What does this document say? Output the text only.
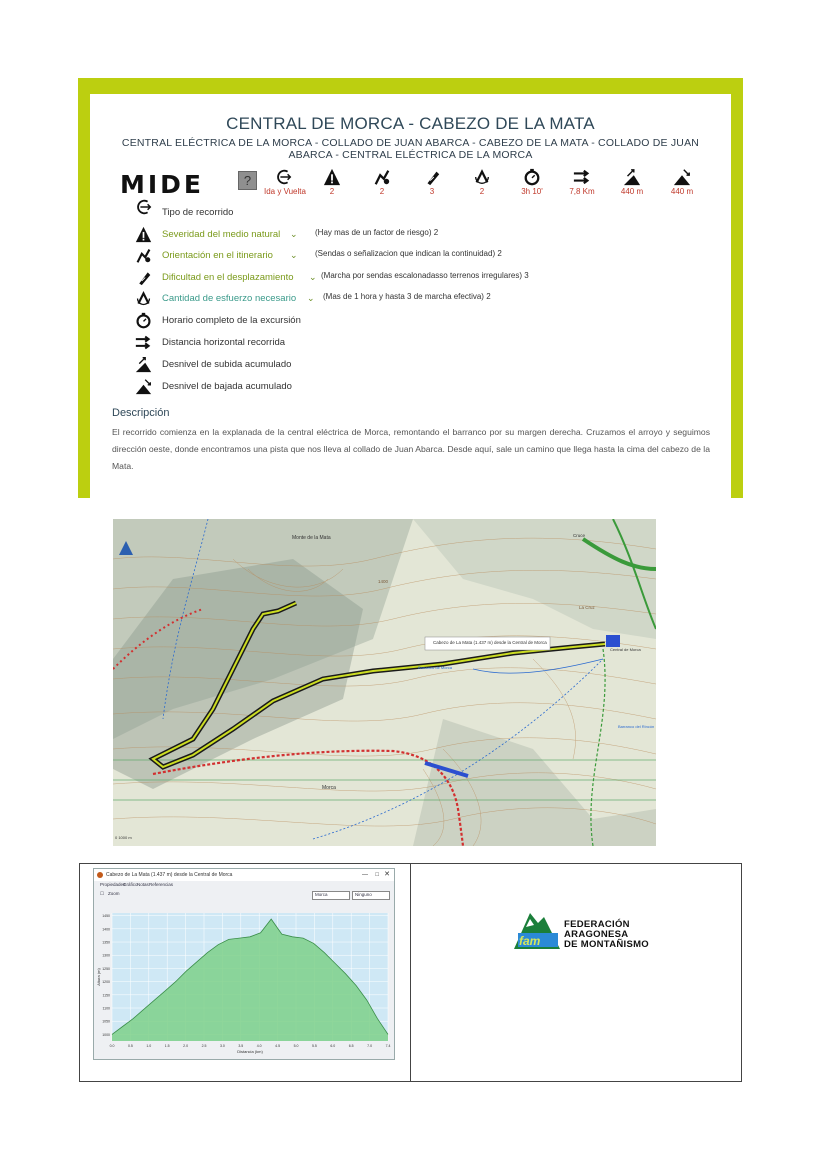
CENTRAL DE MORCA - CABEZO DE LA MATA
CENTRAL ELÉCTRICA DE LA MORCA - COLLADO DE JUAN ABARCA - CABEZO DE LA MATA - COLLADO DE JUAN ABARCA - CENTRAL ELÉCTRICA DE LA MORCA
MIDE	?
Ida y Vuelta	2	2	3	2	3h 10'	7,8 Km	440 m	440 m
Tipo de recorrido
Severidad del medio natural ⌄ (Hay mas de un factor de riesgo) 2
Orientación en el itinerario ⌄ (Sendas o señalizacion que indican la continuidad) 2
Dificultad en el desplazamiento ⌄ (Marcha por sendas escalonadasso terrenos irregulares) 3
Cantidad de esfuerzo necesario ⌄ (Mas de 1 hora y hasta 3 de marcha efectiva) 2
Horario completo de la excursión
Distancia horizontal recorrida
Desnivel de subida acumulado
Desnivel de bajada acumulado
Descripción
El recorrido comienza en la explanada de la central eléctrica de Morca, remontando el barranco por su margen derecha. Cruzamos el arroyo y seguimos dirección oeste, donde encontramos una pista que nos lleva al collado de Juan Abarca. Desde aquí, sale un camino que llega hasta la cima del cabezo de la Mata.
Monte de la Mata
Cabezo de La Mata (1.437 m) desde la Central de Morca
Morca
1400
Cruce
Barranco de Morca
Central de Morca
Barranco del Rincón
La Cruz
0 1000 m
Cabezo de La Mata (1.437 m) desde la Central de Morca	— □ ✕
Propiedades
Gráfico Notas Referencias
☐ Zoom	Morca	Ninguno
1000
1050
1100
1150
1200
1250
1300
1350
1400
1450
0.0	0.5	1.0	1.5	2.0	2.5	3.0	3.5	4.0	4.5	5.0	5.5	6.0	6.5	7.0	7.4
Distancia (km)
Altura (m)
fam
FEDERACIÓN
ARAGONESA
DE MONTAÑISMO
